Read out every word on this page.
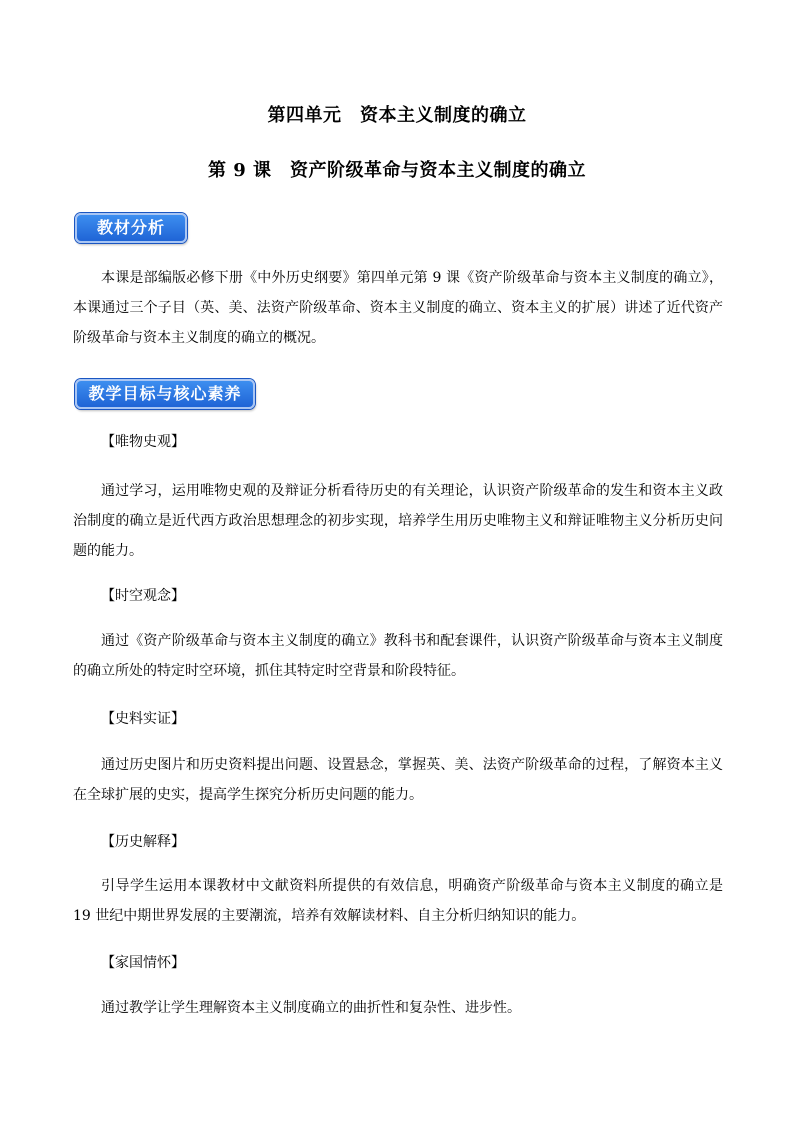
第四单元　资本主义制度的确立
第 9 课　资产阶级革命与资本主义制度的确立
教材分析
本课是部编版必修下册《中外历史纲要》第四单元第 9 课《资产阶级革命与资本主义制度的确立》，本课通过三个子目（英、美、法资产阶级革命、资本主义制度的确立、资本主义的扩展）讲述了近代资产阶级革命与资本主义制度的确立的概况。
教学目标与核心素养
【唯物史观】
通过学习，运用唯物史观的及辩证分析看待历史的有关理论，认识资产阶级革命的发生和资本主义政治制度的确立是近代西方政治思想理念的初步实现，培养学生用历史唯物主义和辩证唯物主义分析历史问题的能力。
【时空观念】
通过《资产阶级革命与资本主义制度的确立》教科书和配套课件，认识资产阶级革命与资本主义制度的确立所处的特定时空环境，抓住其特定时空背景和阶段特征。
【史料实证】
通过历史图片和历史资料提出问题、设置悬念，掌握英、美、法资产阶级革命的过程，了解资本主义在全球扩展的史实，提高学生探究分析历史问题的能力。
【历史解释】
引导学生运用本课教材中文献资料所提供的有效信息，明确资产阶级革命与资本主义制度的确立是 19 世纪中期世界发展的主要潮流，培养有效解读材料、自主分析归纳知识的能力。
【家国情怀】
通过教学让学生理解资本主义制度确立的曲折性和复杂性、进步性。
